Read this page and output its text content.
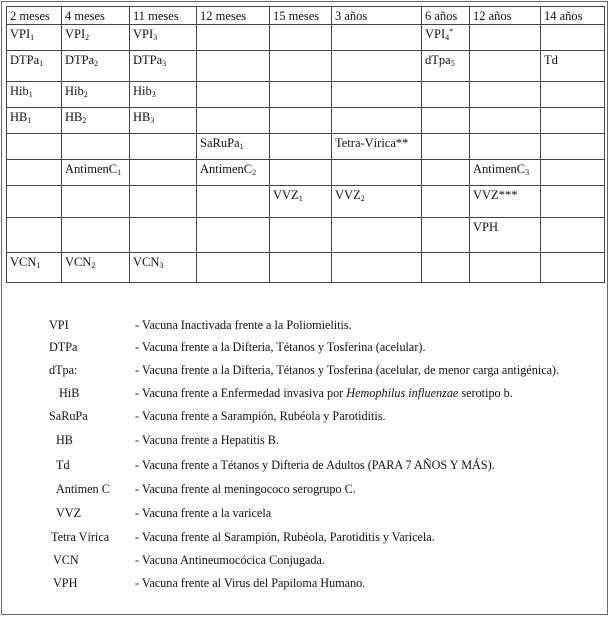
2 meses	4 meses	11 meses	12 meses	15 meses	3 años	6 años	12 años	14 años
$VPI_1$	$VPI_2$	$VPI_3$				$VPI_4^*$		
DTPa$_1$	DTPa$_2$	DTPa$_3$				dTpa$_5$		Td
Hib$_1$	Hib$_2$	Hib$_3$						
$HB_1$	$HB_2$	$HB_3$						
			SaRuPa$_1$		Tetra-Vírica**			
	AntimenC$_1$		AntimenC$_2$				AntimenC$_3$	
				$VVZ_1$	$VVZ_2$		VVZ***	
							VPH	
$VCN_1$	$VCN_2$	$VCN_3$						
VPI	- Vacuna Inactivada frente a la Poliomielitis.
DTPa	- Vacuna frente a la Difteria, Tétanos y Tosferina (acelular).
dTpa:	- Vacuna frente a la Difteria, Tétanos y Tosferina (acelular, de menor carga antigénica).
HiB	- Vacuna frente a Enfermedad invasiva por Hemophilus influenzae serotipo b.
SaRuPa	- Vacuna frente a Sarampión, Rubéola y Parotiditis.
HB	- Vacuna frente a Hepatitis B.
Td	- Vacuna frente a Tétanos y Difteria de Adultos (PARA 7 AÑOS Y MÁS).
Antimen C - Vacuna frente al meningococo serogrupo C.
VVZ	- Vacuna frente a la varicela
Tetra Vírica - Vacuna frente al Sarampión, Rubéola, Parotiditis y Varicela.
VCN	- Vacuna Antineumocócica Conjugada.
VPH	- Vacuna frente al Virus del Papiloma Humano.
